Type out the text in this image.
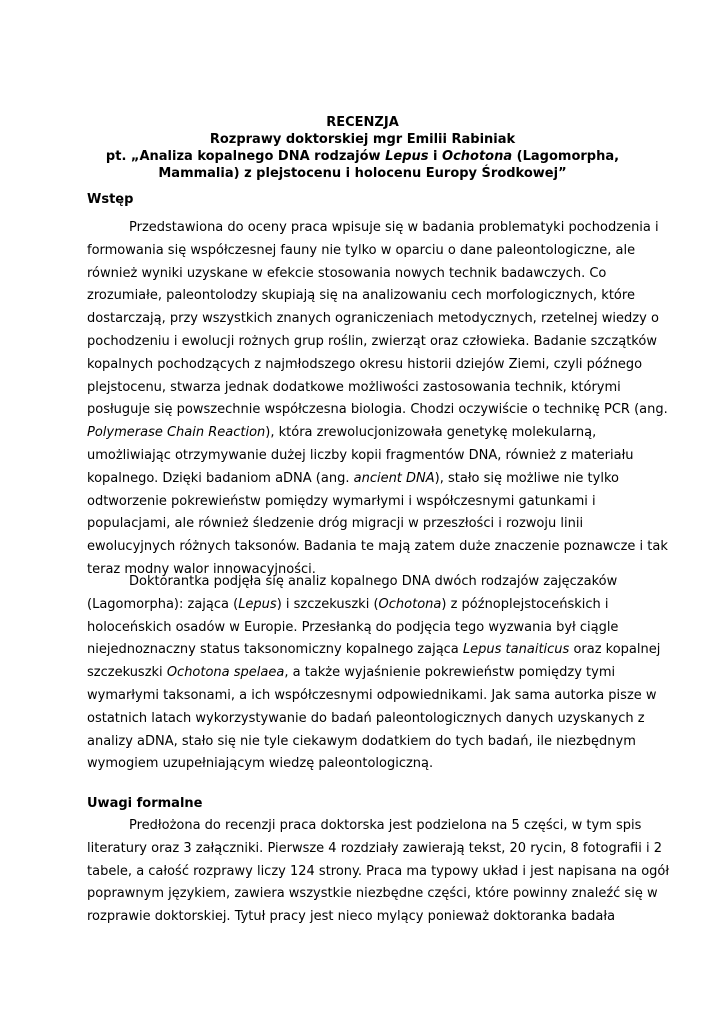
RECENZJA
Rozprawy doktorskiej mgr Emilii Rabiniak
pt. „Analiza kopalnego DNA rodzajów Lepus i Ochotona (Lagomorpha,
Mammalia) z plejstocenu i holocenu Europy Środkowej”
Wstęp
Przedstawiona do oceny praca wpisuje się w badania problematyki pochodzenia i
formowania się współczesnej fauny nie tylko w oparciu o dane paleontologiczne, ale
również wyniki uzyskane w efekcie stosowania nowych technik badawczych. Co
zrozumiałe, paleontolodzy skupiają się na analizowaniu cech morfologicznych, które
dostarczają, przy wszystkich znanych ograniczeniach metodycznych, rzetelnej wiedzy o
pochodzeniu i ewolucji rożnych grup roślin, zwierząt oraz człowieka. Badanie szczątków
kopalnych pochodzących z najmłodszego okresu historii dziejów Ziemi, czyli późnego
plejstocenu, stwarza jednak dodatkowe możliwości zastosowania technik, którymi
posługuje się powszechnie współczesna biologia. Chodzi oczywiście o technikę PCR (ang.
Polymerase Chain Reaction), która zrewolucjonizowała genetykę molekularną,
umożliwiając otrzymywanie dużej liczby kopii fragmentów DNA, również z materiału
kopalnego. Dzięki badaniom aDNA (ang. ancient DNA), stało się możliwe nie tylko
odtworzenie pokrewieństw pomiędzy wymarłymi i współczesnymi gatunkami i
populacjami, ale również śledzenie dróg migracji w przeszłości i rozwoju linii
ewolucyjnych różnych taksonów. Badania te mają zatem duże znaczenie poznawcze i tak
teraz modny walor innowacyjności.
Doktorantka podjęła się analiz kopalnego DNA dwóch rodzajów zajęczaków
(Lagomorpha): zająca (Lepus) i szczekuszki (Ochotona) z późnoplejstoceńskich i
holoceńskich osadów w Europie. Przesłanką do podjęcia tego wyzwania był ciągle
niejednoznaczny status taksonomiczny kopalnego zająca Lepus tanaiticus oraz kopalnej
szczekuszki Ochotona spelaea, a także wyjaśnienie pokrewieństw pomiędzy tymi
wymarłymi taksonami, a ich współczesnymi odpowiednikami. Jak sama autorka pisze w
ostatnich latach wykorzystywanie do badań paleontologicznych danych uzyskanych z
analizy aDNA, stało się nie tyle ciekawym dodatkiem do tych badań, ile niezbędnym
wymogiem uzupełniającym wiedzę paleontologiczną.
Uwagi formalne
Predłożona do recenzji praca doktorska jest podzielona na 5 części, w tym spis
literatury oraz 3 załączniki. Pierwsze 4 rozdziały zawierają tekst, 20 rycin, 8 fotografii i 2
tabele, a całość rozprawy liczy 124 strony. Praca ma typowy układ i jest napisana na ogół
poprawnym językiem, zawiera wszystkie niezbędne części, które powinny znaleźć się w
rozprawie doktorskiej. Tytuł pracy jest nieco mylący ponieważ doktoranka badała
